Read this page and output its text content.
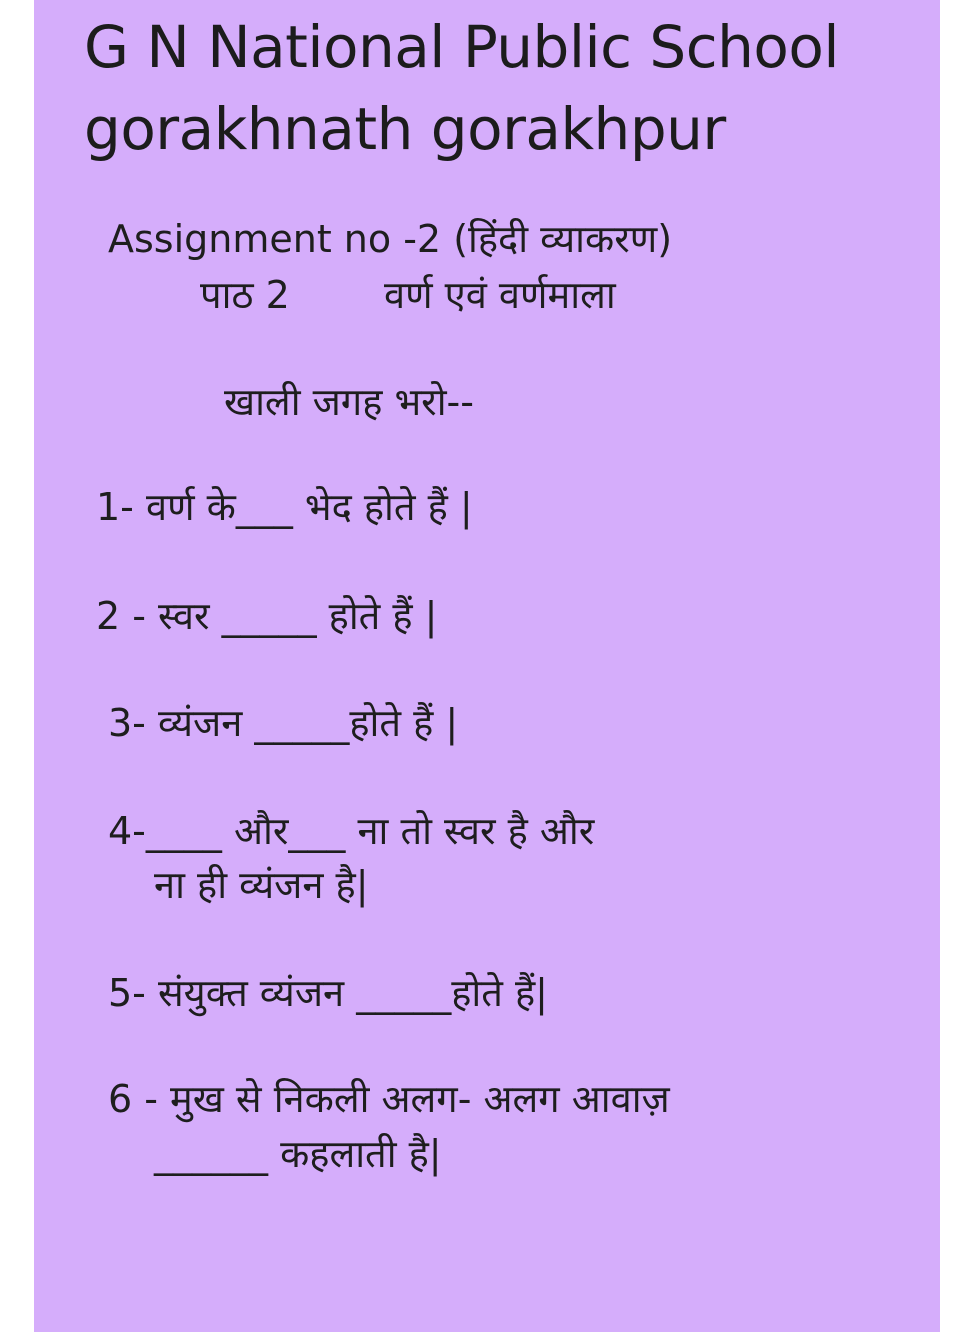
G N National Public School
gorakhnath gorakhpur
Assignment no -2 (हिंदी व्याकरण)
पाठ 2 वर्ण एवं वर्णमाला
खाली जगह भरो--
1- वर्ण के___ भेद होते हैं |
2 - स्वर _____ होते हैं |
3- व्यंजन _____होते हैं |
4-____ और___ ना तो स्वर है और
ना ही व्यंजन है|
5- संयुक्त व्यंजन _____होते हैं|
6 - मुख से निकली अलग- अलग आवाज़
______ कहलाती है|
